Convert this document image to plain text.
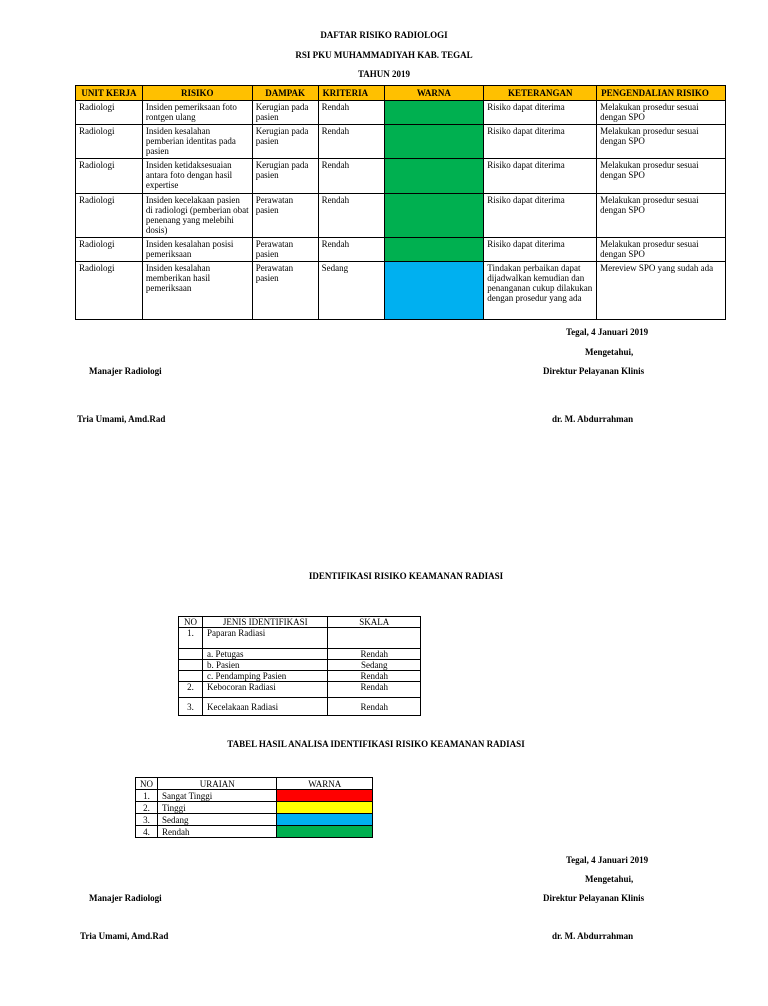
DAFTAR RISIKO RADIOLOGI
RSI PKU MUHAMMADIYAH KAB. TEGAL
TAHUN 2019
UNIT KERJA	RISIKO	DAMPAK	KRITERIA	WARNA	KETERANGAN	PENGENDALIAN RISIKO
Radiologi	Insiden pemeriksaan foto rontgen ulang	Kerugian pada pasien	Rendah		Risiko dapat diterima	Melakukan prosedur sesuai dengan SPO
Radiologi	Insiden kesalahan pemberian identitas pada pasien	Kerugian pada pasien	Rendah		Risiko dapat diterima	Melakukan prosedur sesuai dengan SPO
Radiologi	Insiden ketidaksesuaian antara foto dengan hasil expertise	Kerugian pada pasien	Rendah		Risiko dapat diterima	Melakukan prosedur sesuai dengan SPO
Radiologi	Insiden kecelakaan pasien di radiologi (pemberian obat penenang yang melebihi dosis)	Perawatan pasien	Rendah		Risiko dapat diterima	Melakukan prosedur sesuai dengan SPO
Radiologi	Insiden kesalahan posisi pemeriksaan	Perawatan pasien	Rendah		Risiko dapat diterima	Melakukan prosedur sesuai dengan SPO
Radiologi	Insiden kesalahan memberikan hasil pemeriksaan	Perawatan pasien	Sedang		Tindakan perbaikan dapat dijadwalkan kemudian dan penanganan cukup dilakukan dengan prosedur yang ada	Mereview SPO yang sudah ada
Tegal, 4 Januari 2019
Mengetahui,
Manajer Radiologi	Direktur Pelayanan Klinis
Tria Umami, Amd.Rad	dr. M. Abdurrahman
IDENTIFIKASI RISIKO KEAMANAN RADIASI
NO	JENIS IDENTIFIKASI	SKALA
1.	Paparan Radiasi	
	a. Petugas	Rendah
	b. Pasien	Sedang
	c. Pendamping Pasien	Rendah
2.	Kebocoran Radiasi	Rendah
3.	Kecelakaan Radiasi	Rendah
TABEL HASIL ANALISA IDENTIFIKASI RISIKO KEAMANAN RADIASI
NO	URAIAN	WARNA
1.	Sangat Tinggi	
2.	Tinggi	
3.	Sedang	
4.	Rendah	
Tegal, 4 Januari 2019
Mengetahui,
Manajer Radiologi	Direktur Pelayanan Klinis
Tria Umami, Amd.Rad	dr. M. Abdurrahman
